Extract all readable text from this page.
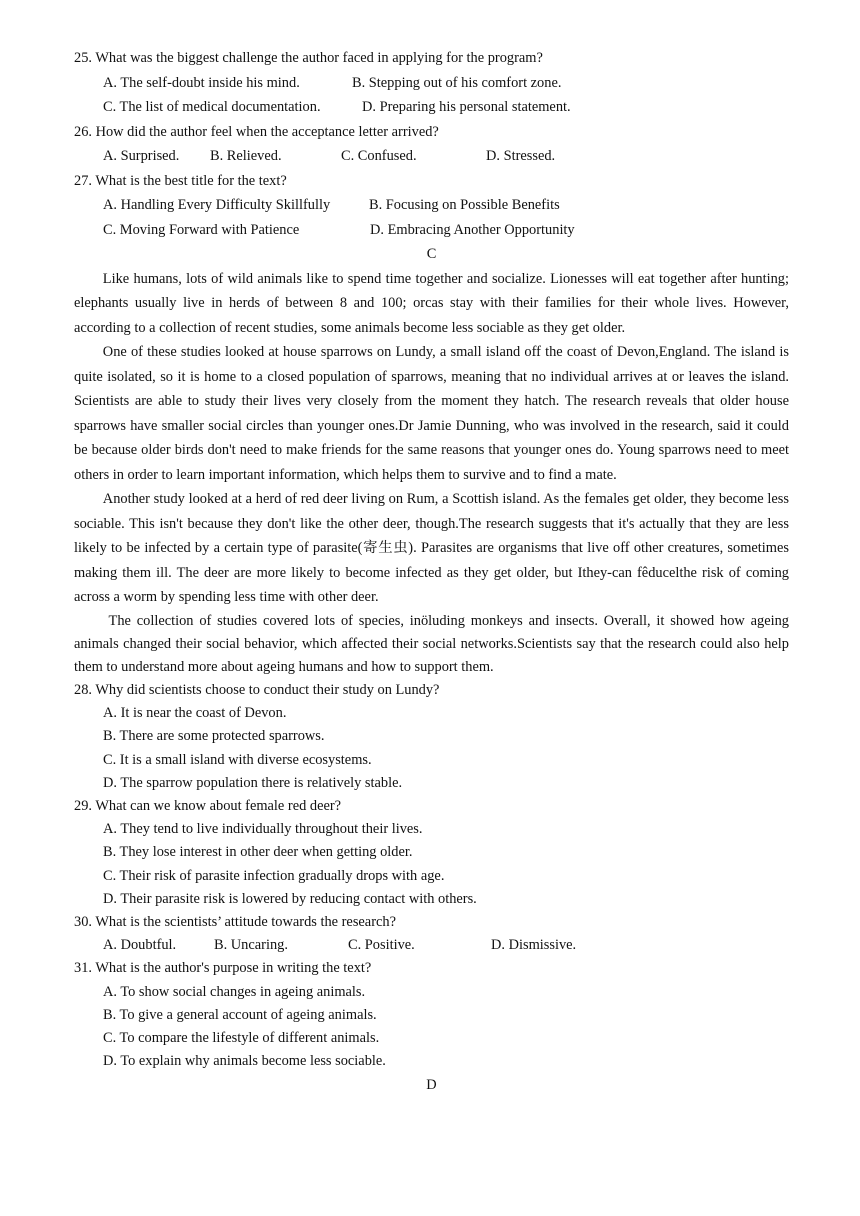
25. What was the biggest challenge the author faced in applying for the program?
A. The self-doubt inside his mind.	B. Stepping out of his comfort zone.
C. The list of medical documentation.	D. Preparing his personal statement.
26. How did the author feel when the acceptance letter arrived?
A. Surprised. B. Relieved.	C. Confused.	D. Stressed.
27. What is the best title for the text?
A. Handling Every Difficulty Skillfully	B. Focusing on Possible Benefits
C. Moving Forward with Patience	D. Embracing Another Opportunity
C

Like humans, lots of wild animals like to spend time together and socialize. Lionesses will eat together after hunting; elephants usually live in herds of between 8 and 100; orcas stay with their families for their whole lives. However, according to a collection of recent studies, some animals become less sociable as they get older.

One of these studies looked at house sparrows on Lundy, a small island off the coast of Devon,England. The island is quite isolated, so it is home to a closed population of sparrows, meaning that no individual arrives at or leaves the island. Scientists are able to study their lives very closely from the moment they hatch. The research reveals that older house sparrows have smaller social circles than younger ones.Dr Jamie Dunning, who was involved in the research, said it could be because older birds don't need to make friends for the same reasons that younger ones do. Young sparrows need to meet others in order to learn important information, which helps them to survive and to find a mate.

Another study looked at a herd of red deer living on Rum, a Scottish island. As the females get older, they become less sociable. This isn't because they don't like the other deer, though.The research suggests that it's actually that they are less likely to be infected by a certain type of parasite(寄生虫). Parasites are organisms that live off other creatures, sometimes making them ill. The deer are more likely to become infected as they get older, but Ithey-can fêducelthe risk of coming across a worm by spending less time with other deer.

The collection of studies covered lots of species, inöluding monkeys and insects. Overall, it showed how ageing animals changed their social behavior, which affected their social networks.Scientists say that the research could also help them to understand more about ageing humans and how to support them.

28. Why did scientists choose to conduct their study on Lundy?
A. It is near the coast of Devon.
B. There are some protected sparrows.
C. It is a small island with diverse ecosystems.
D. The sparrow population there is relatively stable.
29. What can we know about female red deer?
A. They tend to live individually throughout their lives.
B. They lose interest in other deer when getting older.
C. Their risk of parasite infection gradually drops with age.
D. Their parasite risk is lowered by reducing contact with others.
30. What is the scientists’ attitude towards the research?
A. Doubtful.	B. Uncaring.	C. Positive.	D. Dismissive.
31. What is the author's purpose in writing the text?
A. To show social changes in ageing animals.
B. To give a general account of ageing animals.
C. To compare the lifestyle of different animals.
D. To explain why animals become less sociable.
D
